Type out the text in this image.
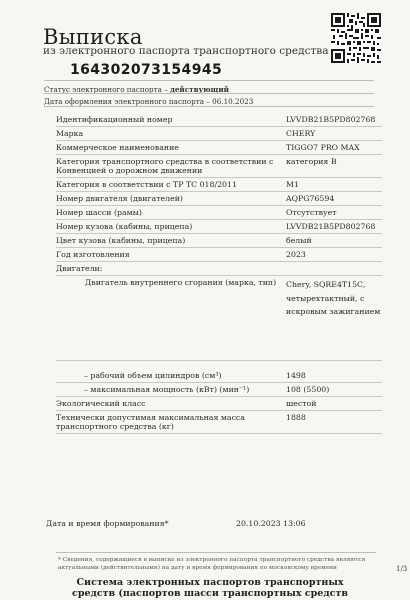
Выписка
из электронного паспорта транспортного средства
164302073154945
Статус электронного паспорта – действующий
Дата оформления электронного паспорта – 06.10.2023
Идентификационный номер	LVVDB21B5PD802768
Марка	CHERY
Коммерческое наименование	TIGGO7 PRO MAX
Категория транспортного средства в соответствии с Конвенцией о дорожном движении	категория B
Категория в соответствии с ТР ТС 018/2011	M1
Номер двигателя (двигателей)	AQPG76594
Номер шасси (рамы)	Отсутствует
Номер кузова (кабины, прицепа)	LVVDB21B5PD802768
Цвет кузова (кабины, прицепа)	белый
Год изготовления	2023
Двигатели:	

Двигатель внутреннего сгорания (марка, тип)	Chery, SQRE4T15C, четырехтактный, с искровым зажиганием

– рабочий объем цилиндров (см³)	1498

– максимальная мощность (кВт) (мин⁻¹)	108 (5500)
Экологический класс	шестой
Технически допустимая максимальная масса транспортного средства (кг)	1888
Дата и время формирования*	20.10.2023 13:06
* Сведения, содержащиеся в выписке из электронного паспорта транспортного средства являются актуальными (действительными) на дату и время формирования по московскому времени	1/3
Система электронных паспортов транспортных средств (паспортов шасси транспортных средств
